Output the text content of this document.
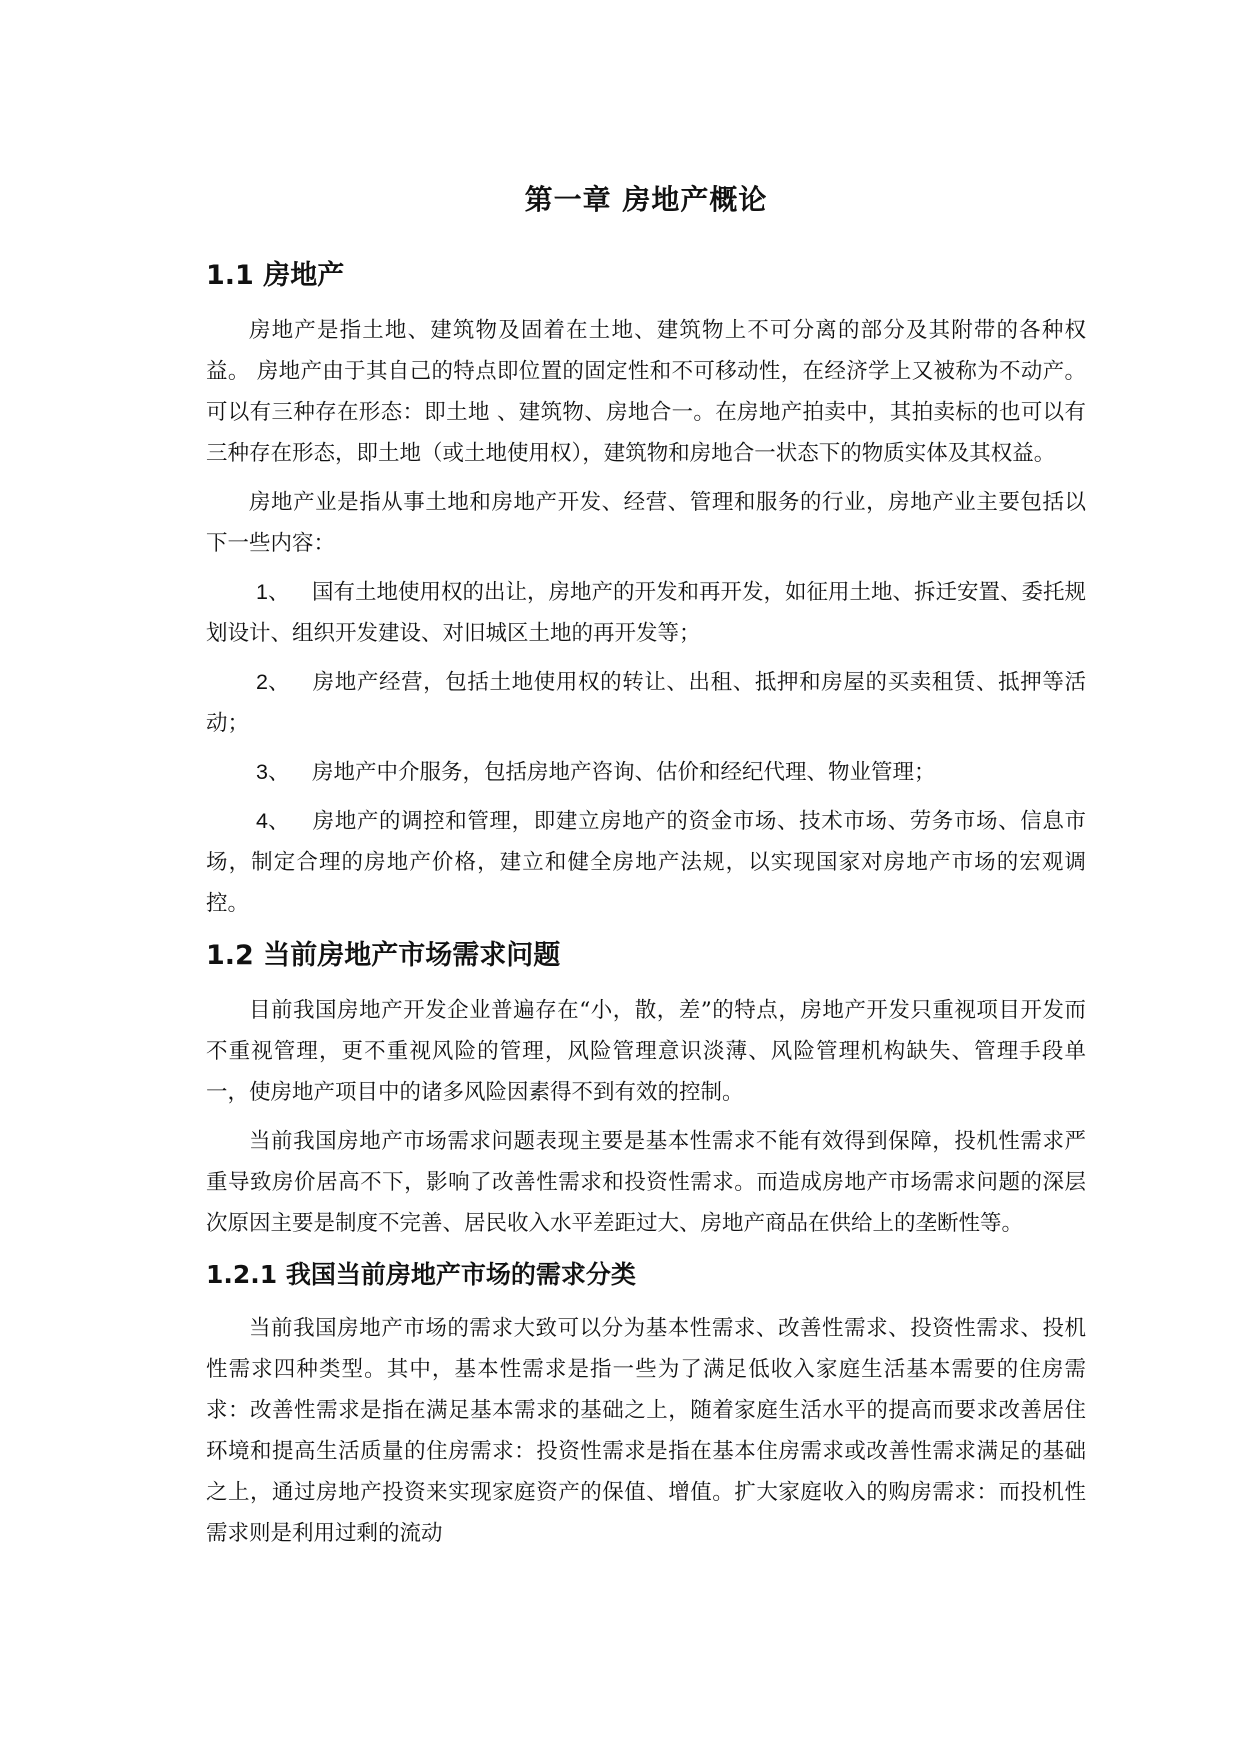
第一章 房地产概论
1.1 房地产

房地产是指土地、建筑物及固着在土地、建筑物上不可分离的部分及其附带的各种权益。 房地产由于其自己的特点即位置的固定性和不可移动性，在经济学上又被称为不动产。可以有三种存在形态：即土地 、建筑物、房地合一。在房地产拍卖中，其拍卖标的也可以有三种存在形态，即土地（或土地使用权），建筑物和房地合一状态下的物质实体及其权益。

房地产业是指从事土地和房地产开发、经营、管理和服务的行业，房地产业主要包括以下一些内容：

1、 国有土地使用权的出让，房地产的开发和再开发，如征用土地、拆迁安置、委托规划设计、组织开发建设、对旧城区土地的再开发等；

2、 房地产经营，包括土地使用权的转让、出租、抵押和房屋的买卖租赁、抵押等活动；

3、 房地产中介服务，包括房地产咨询、估价和经纪代理、物业管理；

4、 房地产的调控和管理，即建立房地产的资金市场、技术市场、劳务市场、信息市场，制定合理的房地产价格，建立和健全房地产法规，以实现国家对房地产市场的宏观调控。

1.2 当前房地产市场需求问题

目前我国房地产开发企业普遍存在“小，散，差”的特点，房地产开发只重视项目开发而不重视管理，更不重视风险的管理，风险管理意识淡薄、风险管理机构缺失、管理手段单一，使房地产项目中的诸多风险因素得不到有效的控制。

当前我国房地产市场需求问题表现主要是基本性需求不能有效得到保障，投机性需求严重导致房价居高不下，影响了改善性需求和投资性需求。而造成房地产市场需求问题的深层次原因主要是制度不完善、居民收入水平差距过大、房地产商品在供给上的垄断性等。

1.2.1 我国当前房地产市场的需求分类

当前我国房地产市场的需求大致可以分为基本性需求、改善性需求、投资性需求、投机性需求四种类型。其中，基本性需求是指一些为了满足低收入家庭生活基本需要的住房需求：改善性需求是指在满足基本需求的基础之上，随着家庭生活水平的提高而要求改善居住环境和提高生活质量的住房需求：投资性需求是指在基本住房需求或改善性需求满足的基础之上，通过房地产投资来实现家庭资产的保值、增值。扩大家庭收入的购房需求：而投机性需求则是利用过剩的流动
